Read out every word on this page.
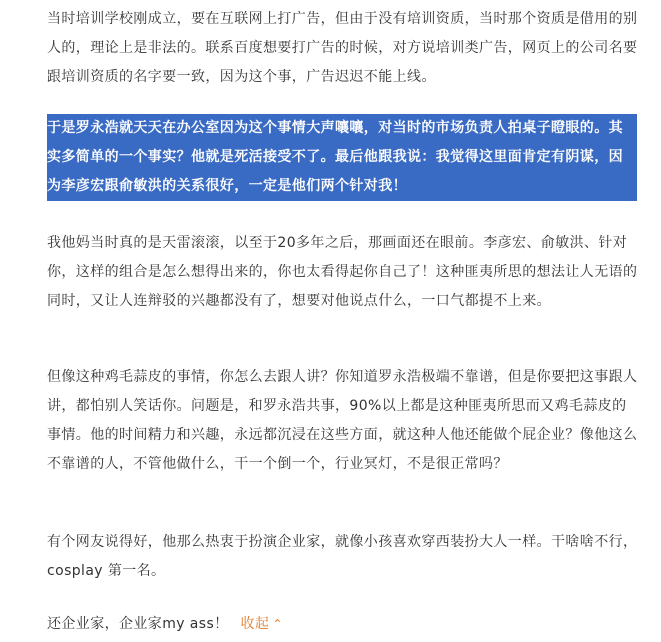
当时培训学校刚成立，要在互联网上打广告，但由于没有培训资质，当时那个资质是借用的别人的，理论上是非法的。联系百度想要打广告的时候，对方说培训类广告，网页上的公司名要跟培训资质的名字要一致，因为这个事，广告迟迟不能上线。

于是罗永浩就天天在办公室因为这个事情大声嚷嚷，对当时的市场负责人拍桌子瞪眼的。其实多简单的一个事实？他就是死活接受不了。最后他跟我说：我觉得这里面肯定有阴谋，因为李彦宏跟俞敏洪的关系很好，一定是他们两个针对我！

我他妈当时真的是天雷滚滚，以至于20多年之后，那画面还在眼前。李彦宏、俞敏洪、针对你，这样的组合是怎么想得出来的，你也太看得起你自己了！这种匪夷所思的想法让人无语的同时，又让人连辩驳的兴趣都没有了，想要对他说点什么，一口气都提不上来。

但像这种鸡毛蒜皮的事情，你怎么去跟人讲？你知道罗永浩极端不靠谱，但是你要把这事跟人讲，都怕别人笑话你。问题是，和罗永浩共事，90%以上都是这种匪夷所思而又鸡毛蒜皮的事情。他的时间精力和兴趣，永远都沉浸在这些方面，就这种人他还能做个屁企业？像他这么不靠谱的人，不管他做什么，干一个倒一个，行业冥灯，不是很正常吗？

有个网友说得好，他那么热衷于扮演企业家，就像小孩喜欢穿西装扮大人一样。干啥啥不行，cosplay 第一名。

还企业家，企业家my ass！ 收起 ⌃
